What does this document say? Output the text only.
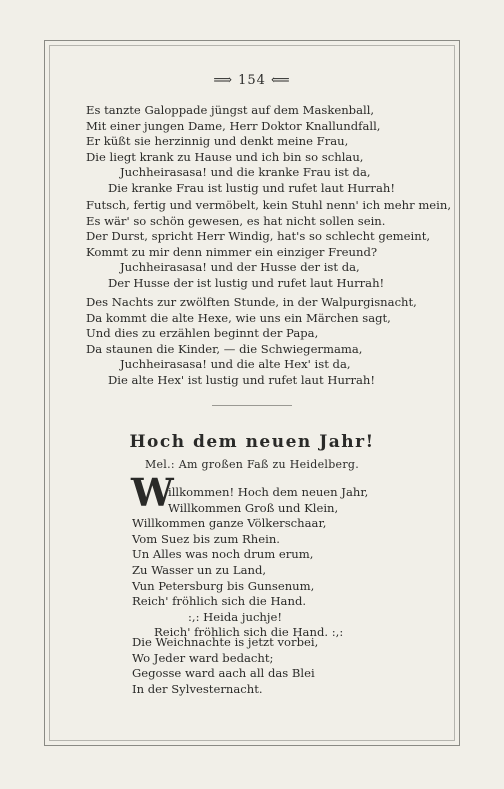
⟹ 154 ⟸
Es tanzte Galoppade jüngst auf dem Maskenball,
Mit einer jungen Dame, Herr Doktor Knallundfall,
Er küßt sie herzinnig und denkt meine Frau,
Die liegt krank zu Hause und ich bin so schlau,
Juchheirasasa! und die kranke Frau ist da,
Die kranke Frau ist lustig und rufet laut Hurrah!
Futsch, fertig und vermöbelt, kein Stuhl nenn' ich mehr mein,
Es wär' so schön gewesen, es hat nicht sollen sein.
Der Durst, spricht Herr Windig, hat's so schlecht gemeint,
Kommt zu mir denn nimmer ein einziger Freund?
Juchheirasasa! und der Husse der ist da,
Der Husse der ist lustig und rufet laut Hurrah!
Des Nachts zur zwölften Stunde, in der Walpurgisnacht,
Da kommt die alte Hexe, wie uns ein Märchen sagt,
Und dies zu erzählen beginnt der Papa,
Da staunen die Kinder, — die Schwiegermama,
Juchheirasasa! und die alte Hex' ist da,
Die alte Hex' ist lustig und rufet laut Hurrah!
Hoch dem neuen Jahr!
Mel.: Am großen Faß zu Heidelberg.
W
illkommen! Hoch dem neuen Jahr,
Willkommen Groß und Klein,
Willkommen ganze Völkerschaar,
Vom Suez bis zum Rhein.
Un Alles was noch drum erum,
Zu Wasser un zu Land,
Vun Petersburg bis Gunsenum,
Reich' fröhlich sich die Hand.
:,: Heida juchje!
Reich' fröhlich sich die Hand. :,:
Die Weichnachte is jetzt vorbei,
Wo Jeder ward bedacht;
Gegosse ward aach all das Blei
In der Sylvesternacht.
